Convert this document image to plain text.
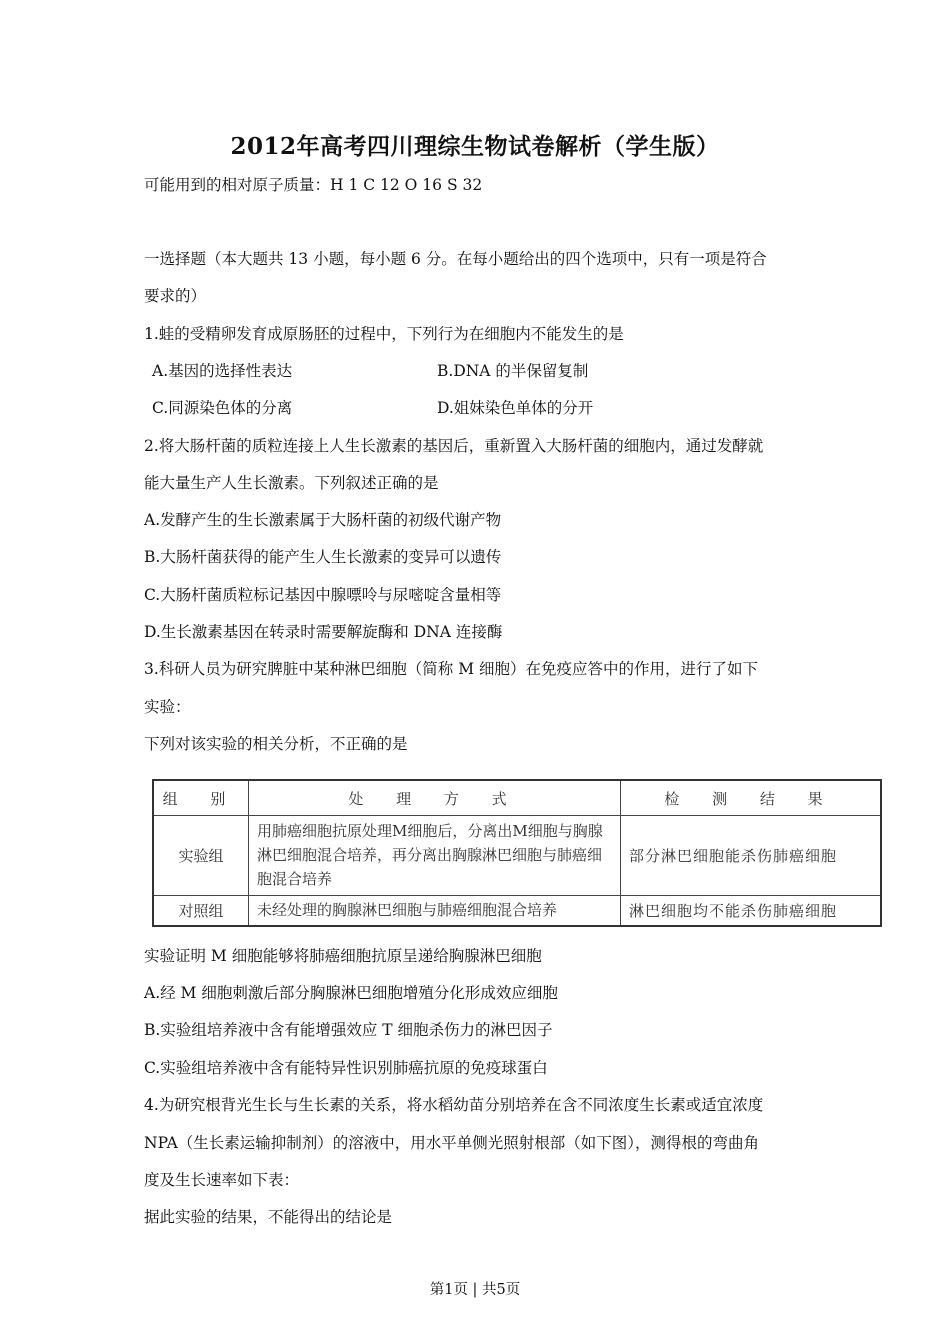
2012年高考四川理综生物试卷解析（学生版）
可能用到的相对原子质量：H 1 C 12 O 16 S 32
一选择题（本大题共 13 小题，每小题 6 分。在每小题给出的四个选项中，只有一项是符合
要求的）
1.蛙的受精卵发育成原肠胚的过程中，下列行为在细胞内不能发生的是
A.基因的选择性表达	B.DNA 的半保留复制
C.同源染色体的分离	D.姐妹染色单体的分开
2.将大肠杆菌的质粒连接上人生长激素的基因后，重新置入大肠杆菌的细胞内，通过发酵就
能大量生产人生长激素。下列叙述正确的是
A.发酵产生的生长激素属于大肠杆菌的初级代谢产物
B.大肠杆菌获得的能产生人生长激素的变异可以遗传
C.大肠杆菌质粒标记基因中腺嘌呤与尿嘧啶含量相等
D.生长激素基因在转录时需要解旋酶和 DNA 连接酶
3.科研人员为研究脾脏中某种淋巴细胞（简称 M 细胞）在免疫应答中的作用，进行了如下
实验：
下列对该实验的相关分析，不正确的是
组 别	处 理 方 式	检 测 结 果
实验组	用肺癌细胞抗原处理M细胞后，分离出M细胞与胸腺淋巴细胞混合培养，再分离出胸腺淋巴细胞与肺癌细胞混合培养	部分淋巴细胞能杀伤肺癌细胞
对照组	未经处理的胸腺淋巴细胞与肺癌细胞混合培养	淋巴细胞均不能杀伤肺癌细胞
实验证明 M 细胞能够将肺癌细胞抗原呈递给胸腺淋巴细胞
A.经 M 细胞刺激后部分胸腺淋巴细胞增殖分化形成效应细胞
B.实验组培养液中含有能增强效应 T 细胞杀伤力的淋巴因子
C.实验组培养液中含有能特异性识别肺癌抗原的免疫球蛋白
4.为研究根背光生长与生长素的关系，将水稻幼苗分别培养在含不同浓度生长素或适宜浓度
NPA（生长素运输抑制剂）的溶液中，用水平单侧光照射根部（如下图），测得根的弯曲角
度及生长速率如下表：
据此实验的结果，不能得出的结论是
第1页 | 共5页
